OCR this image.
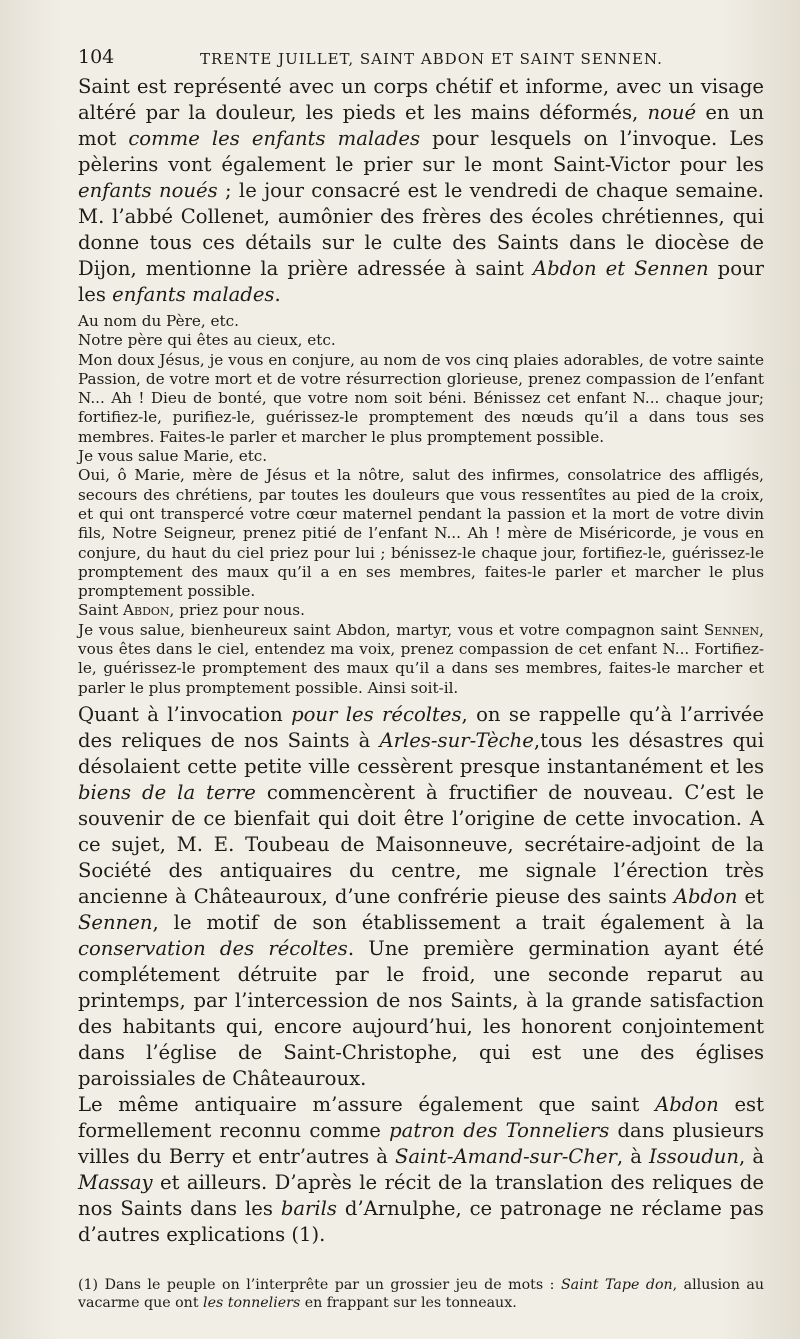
104	TRENTE JUILLET, SAINT ABDON ET SAINT SENNEN.

Saint est représenté avec un corps chétif et informe, avec un visage altéré par la douleur, les pieds et les mains déformés, noué en un mot comme les enfants malades pour lesquels on l’invoque. Les pèlerins vont également le prier sur le mont Saint-Victor pour les enfants noués ; le jour consacré est le vendredi de chaque semaine. M. l’abbé Collenet, aumônier des frères des écoles chrétiennes, qui donne tous ces détails sur le culte des Saints dans le diocèse de Dijon, mentionne la prière adressée à saint Abdon et Sennen pour les enfants malades.

Au nom du Père, etc.

Notre père qui êtes au cieux, etc.

Mon doux Jésus, je vous en conjure, au nom de vos cinq plaies adorables, de votre sainte Passion, de votre mort et de votre résurrection glorieuse, prenez compassion de l’enfant N... Ah ! Dieu de bonté, que votre nom soit béni. Bénissez cet enfant N... chaque jour; fortifiez-le, purifiez-le, guérissez-le promptement des nœuds qu’il a dans tous ses membres. Faites-le parler et marcher le plus promptement possible.

Je vous salue Marie, etc.

Oui, ô Marie, mère de Jésus et la nôtre, salut des infirmes, consolatrice des affligés, secours des chrétiens, par toutes les douleurs que vous ressentîtes au pied de la croix, et qui ont transpercé votre cœur maternel pendant la passion et la mort de votre divin fils, Notre Seigneur, prenez pitié de l’enfant N... Ah ! mère de Miséricorde, je vous en conjure, du haut du ciel priez pour lui ; bénissez-le chaque jour, fortifiez-le, guérissez-le promptement des maux qu’il a en ses membres, faites-le parler et marcher le plus promptement possible.

Saint Abdon, priez pour nous.

Je vous salue, bienheureux saint Abdon, martyr, vous et votre compagnon saint Sennen, vous êtes dans le ciel, entendez ma voix, prenez compassion de cet enfant N... Fortifiez-le, guérissez-le promptement des maux qu’il a dans ses membres, faites-le marcher et parler le plus promptement possible. Ainsi soit-il.

Quant à l’invocation pour les récoltes, on se rappelle qu’à l’arrivée des reliques de nos Saints à Arles-sur-Tèche,tous les désastres qui désolaient cette petite ville cessèrent presque instantanément et les biens de la terre commencèrent à fructifier de nouveau. C’est le souvenir de ce bienfait qui doit être l’origine de cette invocation. A ce sujet, M. E. Toubeau de Maisonneuve, secrétaire-adjoint de la Société des antiquaires du centre, me signale l’érection très ancienne à Châteauroux, d’une confrérie pieuse des saints Abdon et Sennen, le motif de son établissement a trait également à la conservation des récoltes. Une première germination ayant été complétement détruite par le froid, une seconde reparut au printemps, par l’intercession de nos Saints, à la grande satisfaction des habitants qui, encore aujourd’hui, les honorent conjointement dans l’église de Saint-Christophe, qui est une des églises paroissiales de Châteauroux.

Le même antiquaire m’assure également que saint Abdon est formellement reconnu comme patron des Tonneliers dans plusieurs villes du Berry et entr’autres à Saint-Amand-sur-Cher, à Issoudun, à Massay et ailleurs. D’après le récit de la translation des reliques de nos Saints dans les barils d’Arnulphe, ce patronage ne réclame pas d’autres explications (1).

(1) Dans le peuple on l’interprête par un grossier jeu de mots : Saint Tape don, allusion au vacarme que ont les tonneliers en frappant sur les tonneaux.
